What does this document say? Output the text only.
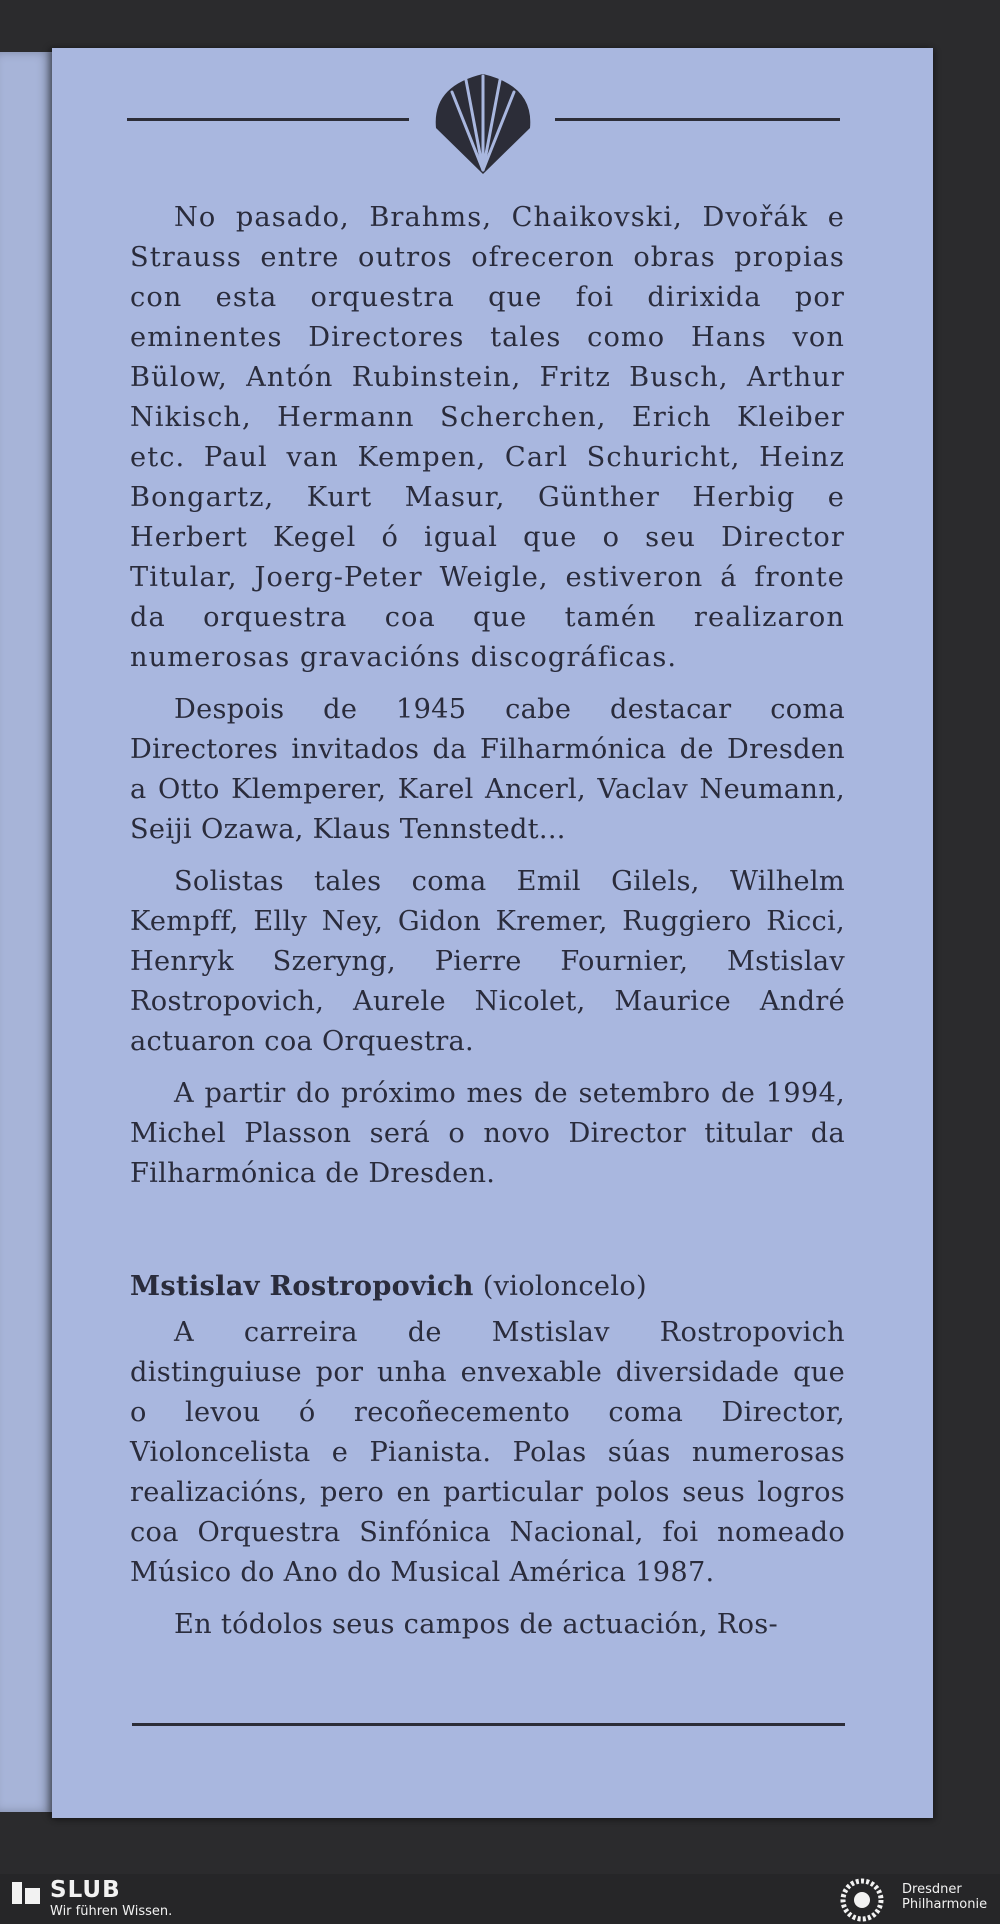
No pasado, Brahms, Chaikovski, Dvořák e Strauss entre outros ofreceron obras propias con esta orquestra que foi dirixida por eminentes Directores tales como Hans von Bülow, Antón Rubinstein, Fritz Busch, Arthur Nikisch, Hermann Scherchen, Erich Kleiber etc. Paul van Kempen, Carl Schuricht, Heinz Bongartz, Kurt Masur, Günther Herbig e Herbert Kegel ó igual que o seu Director Titular, Joerg-Peter Weigle, estiveron á fronte da orquestra coa que tamén realizaron numerosas gravacións discográficas.

Despois de 1945 cabe destacar coma Directores invitados da Filharmónica de Dresden a Otto Klemperer, Karel Ancerl, Vaclav Neumann, Seiji Ozawa, Klaus Tennstedt...

Solistas tales coma Emil Gilels, Wilhelm Kempff, Elly Ney, Gidon Kremer, Ruggiero Ricci, Henryk Szeryng, Pierre Fournier, Mstislav Rostropovich, Aurele Nicolet, Maurice André actuaron coa Orquestra.

A partir do próximo mes de setembro de 1994, Michel Plasson será o novo Director titular da Filharmónica de Dresden.

Mstislav Rostropovich (violoncelo)

A carreira de Mstislav Rostropovich distinguiuse por unha envexable diversidade que o levou ó recoñecemento coma Director, Violoncelista e Pianista. Polas súas numerosas realizacións, pero en particular polos seus logros coa Orquestra Sinfónica Nacional, foi nomeado Músico do Ano do Musical América 1987.

En tódolos seus campos de actuación, Ros-

SLUB
Wir führen Wissen.
Dresdner
Philharmonie
